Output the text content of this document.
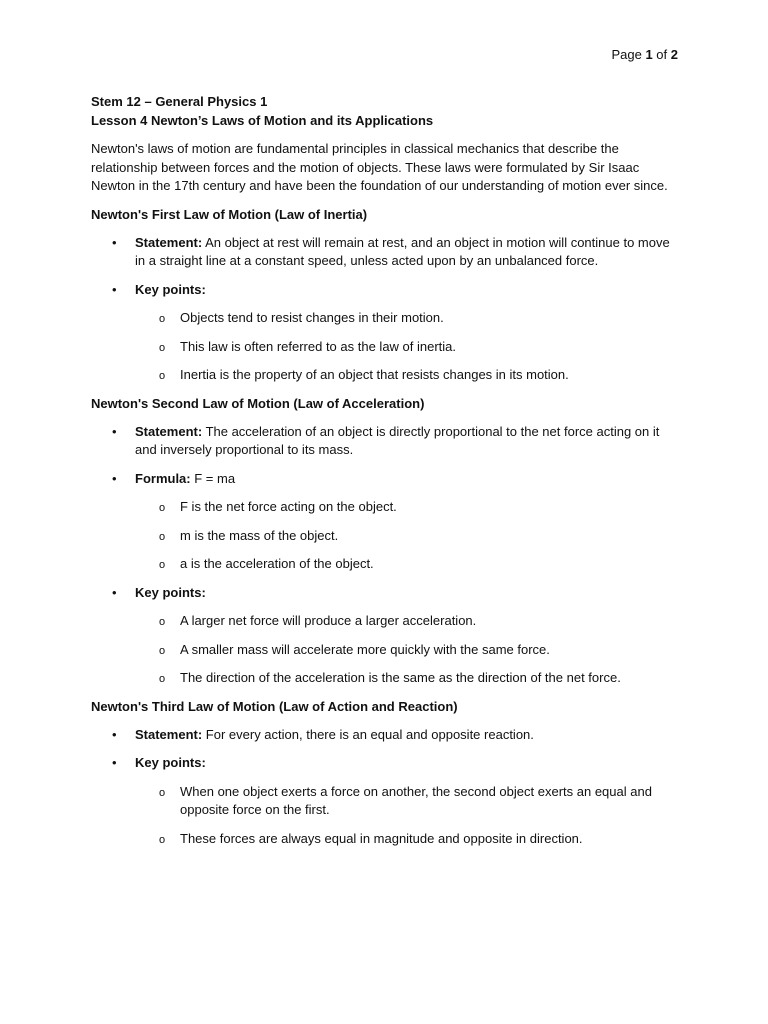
Page 1 of 2
Stem 12 – General Physics 1
Lesson 4 Newton’s Laws of Motion and its Applications
Newton's laws of motion are fundamental principles in classical mechanics that describe the relationship between forces and the motion of objects. These laws were formulated by Sir Isaac Newton in the 17th century and have been the foundation of our understanding of motion ever since.
Newton's First Law of Motion (Law of Inertia)
• Statement: An object at rest will remain at rest, and an object in motion will continue to move in a straight line at a constant speed, unless acted upon by an unbalanced force.
• Key points:
o Objects tend to resist changes in their motion.
o This law is often referred to as the law of inertia.
o Inertia is the property of an object that resists changes in its motion.
Newton's Second Law of Motion (Law of Acceleration)
• Statement: The acceleration of an object is directly proportional to the net force acting on it and inversely proportional to its mass.
• Formula: F = ma
o F is the net force acting on the object.
o m is the mass of the object.
o a is the acceleration of the object.
• Key points:
o A larger net force will produce a larger acceleration.
o A smaller mass will accelerate more quickly with the same force.
o The direction of the acceleration is the same as the direction of the net force.
Newton's Third Law of Motion (Law of Action and Reaction)
• Statement: For every action, there is an equal and opposite reaction.
• Key points:
o When one object exerts a force on another, the second object exerts an equal and opposite force on the first.
o These forces are always equal in magnitude and opposite in direction.
